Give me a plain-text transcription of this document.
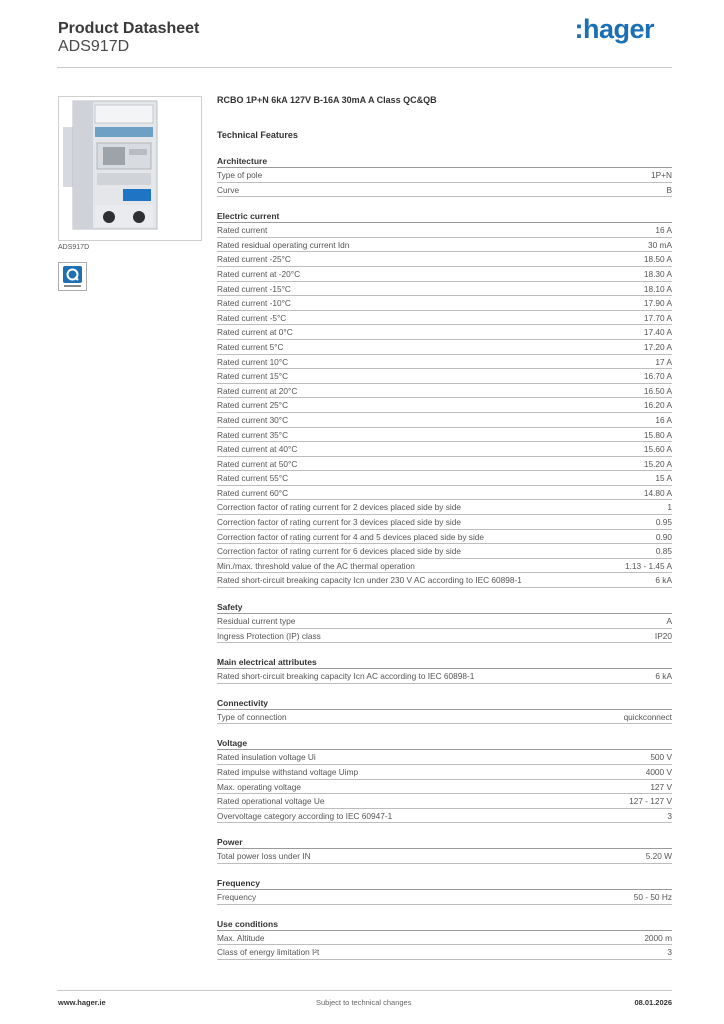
Product Datasheet
ADS917D
:hager
ADS917D
RCBO 1P+N 6kA 127V B-16A 30mA A Class QC&QB
Technical Features
Architecture
Type of pole	1P+N
Curve	B
Electric current
Rated current	16 A
Rated residual operating current Idn	30 mA
Rated current -25°C	18.50 A
Rated current at -20°C	18.30 A
Rated current -15°C	18.10 A
Rated current -10°C	17.90 A
Rated current -5°C	17.70 A
Rated current at 0°C	17.40 A
Rated current 5°C	17.20 A
Rated current 10°C	17 A
Rated current 15°C	16.70 A
Rated current at 20°C	16.50 A
Rated current 25°C	16.20 A
Rated current 30°C	16 A
Rated current 35°C	15.80 A
Rated current at 40°C	15.60 A
Rated current at 50°C	15.20 A
Rated current 55°C	15 A
Rated current 60°C	14.80 A
Correction factor of rating current for 2 devices placed side by side	1
Correction factor of rating current for 3 devices placed side by side	0.95
Correction factor of rating current for 4 and 5 devices placed side by side	0.90
Correction factor of rating current for 6 devices placed side by side	0.85
Min./max. threshold value of the AC thermal operation	1.13 - 1.45 A
Rated short-circuit breaking capacity Icn under 230 V AC according to IEC 60898-1	6 kA
Safety
Residual current type	A
Ingress Protection (IP) class	IP20
Main electrical attributes
Rated short-circuit breaking capacity Icn AC according to IEC 60898-1	6 kA
Connectivity
Type of connection	quickconnect
Voltage
Rated insulation voltage Ui	500 V
Rated impulse withstand voltage Uimp	4000 V
Max. operating voltage	127 V
Rated operational voltage Ue	127 - 127 V
Overvoltage category according to IEC 60947-1	3
Power
Total power loss under IN	5.20 W
Frequency
Frequency	50 - 50 Hz
Use conditions
Max. Altitude	2000 m
Class of energy limitation I²t	3
www.hager.ie	Subject to technical changes	08.01.2026
